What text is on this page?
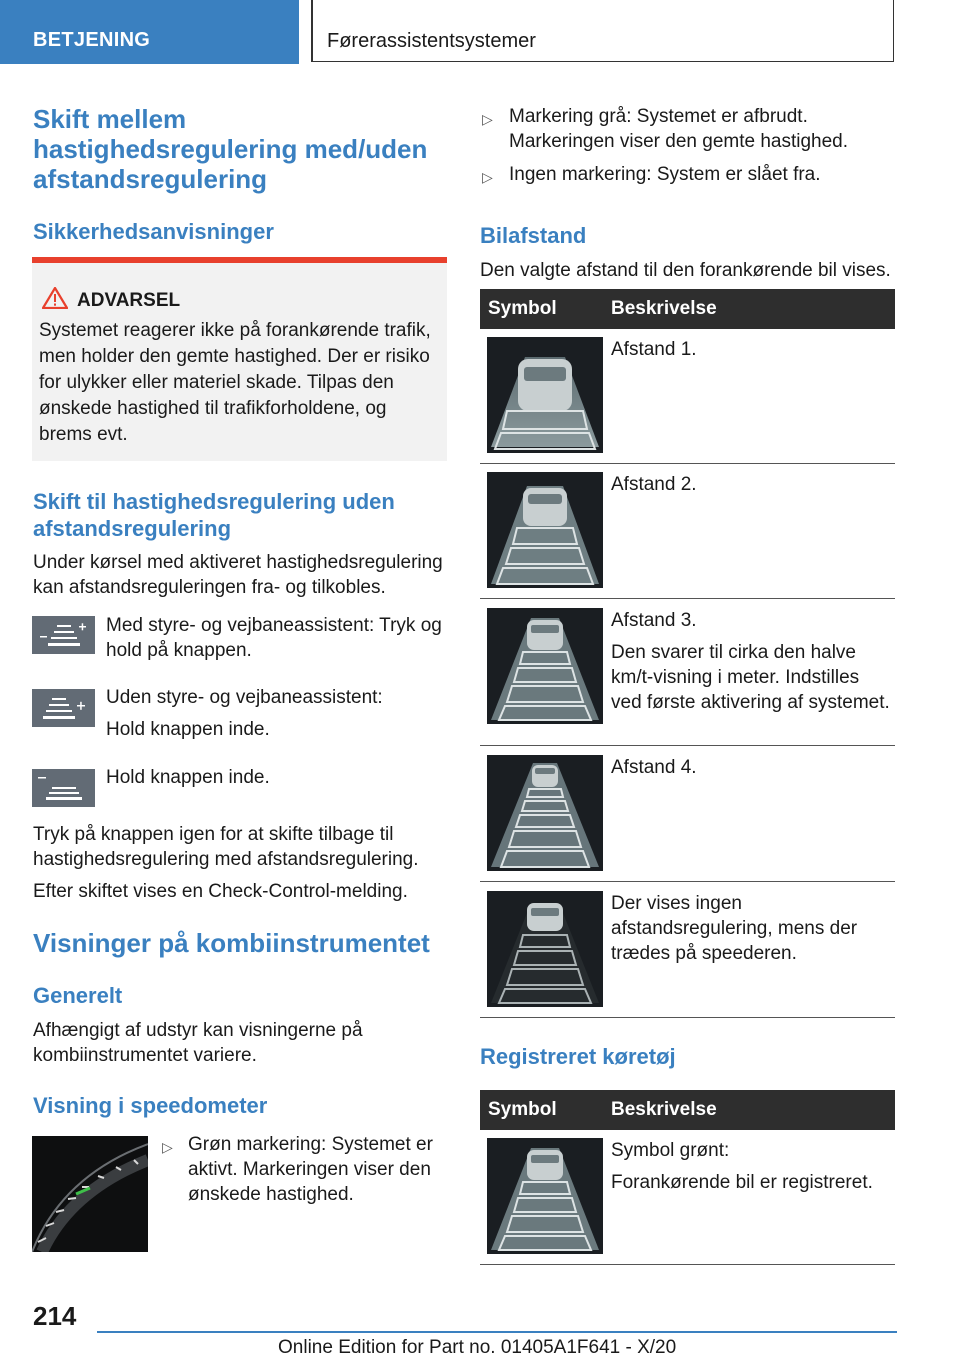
BETJENING	Førerassistentsystemer
Skift mellem hastighedsregulering med/uden afstandsregulering
Sikkerhedsanvisninger
ADVARSEL
Systemet reagerer ikke på forankørende trafik, men holder den gemte hastighed. Der er risiko for ulykker eller materiel skade. Tilpas den ønskede hastighed til trafikforholdene, og brems evt.
Skift til hastighedsregulering uden afstandsregulering
Under kørsel med aktiveret hastighedsregulering kan afstandsreguleringen fra- og tilkobles.
Med styre- og vejbaneassistent: Tryk og hold på knappen.
Uden styre- og vejbaneassistent:
Hold knappen inde.
Hold knappen inde.
Tryk på knappen igen for at skifte tilbage til hastighedsregulering med afstandsregulering.
Efter skiftet vises en Check-Control-melding.
Visninger på kombiinstrumentet
Generelt
Afhængigt af udstyr kan visningerne på kombiinstrumentet variere.
Visning i speedometer
▷ Grøn markering: Systemet er aktivt. Markeringen viser den ønskede hastighed.
▷ Markering grå: Systemet er afbrudt. Markeringen viser den gemte hastighed.
▷ Ingen markering: System er slået fra.
Bilafstand
Den valgte afstand til den forankørende bil vises.
Symbol	Beskrivelse
Afstand 1.
Afstand 2.
Afstand 3.
Den svarer til cirka den halve km/t-visning i meter. Indstilles ved første aktivering af systemet.
Afstand 4.
Der vises ingen afstandsregulering, mens der trædes på speederen.
Registreret køretøj
Symbol	Beskrivelse
Symbol grønt:
Forankørende bil er registreret.
214
Online Edition for Part no. 01405A1F641 - X/20
